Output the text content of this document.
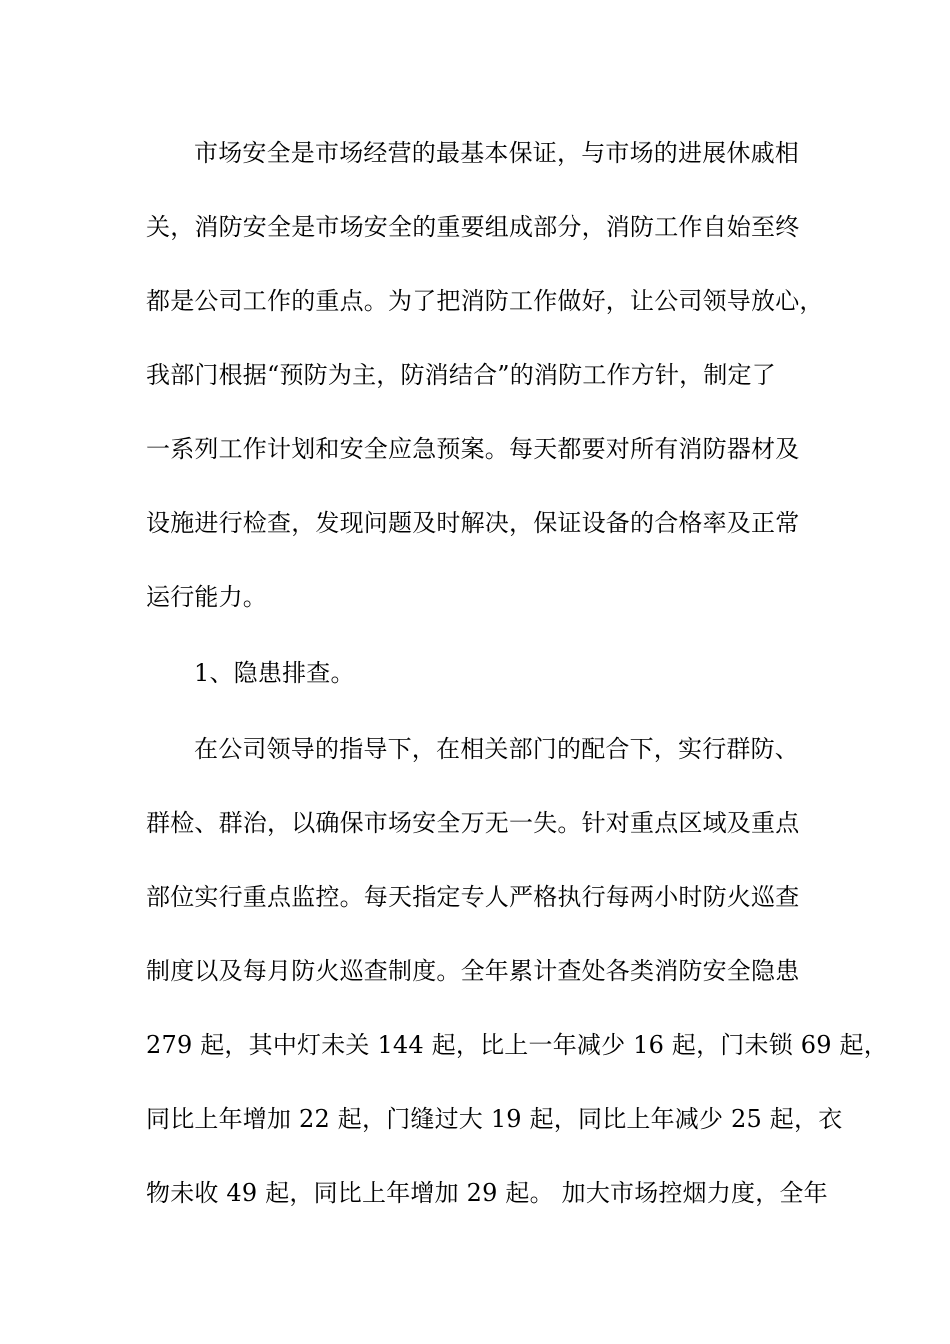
市场安全是市场经营的最基本保证，与市场的进展休戚相
关，消防安全是市场安全的重要组成部分，消防工作自始至终
都是公司工作的重点。为了把消防工作做好，让公司领导放心，
我部门根据“预防为主，防消结合”的消防工作方针，制定了
一系列工作计划和安全应急预案。每天都要对所有消防器材及
设施进行检查，发现问题及时解决，保证设备的合格率及正常
运行能力。
1、隐患排查。
在公司领导的指导下，在相关部门的配合下，实行群防、
群检、群治，以确保市场安全万无一失。针对重点区域及重点
部位实行重点监控。每天指定专人严格执行每两小时防火巡查
制度以及每月防火巡查制度。全年累计查处各类消防安全隐患
279 起，其中灯未关 144 起，比上一年减少 16 起，门未锁 69 起，
同比上年增加 22 起，门缝过大 19 起，同比上年减少 25 起，衣
物未收 49 起，同比上年增加 29 起。 加大市场控烟力度，全年
